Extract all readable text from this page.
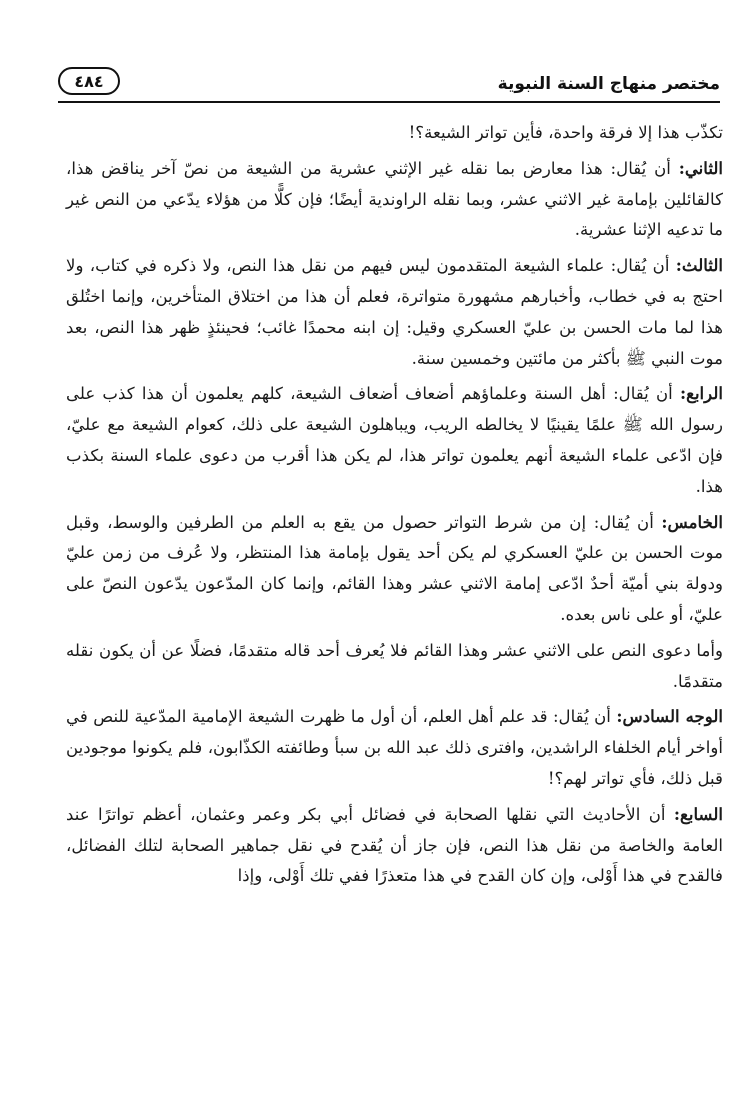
مختصر منهاج السنة النبوية
٤٨٤

تكذّب هذا إلا فرقة واحدة، فأين تواتر الشيعة؟!

الثاني: أن يُقال: هذا معارض بما نقله غير الإثني عشرية من الشيعة من نصّ آخر يناقض هذا، كالقائلين بإمامة غير الاثني عشر، وبما نقله الراوندية أيضًا؛ فإن كلًّا من هؤلاء يدّعي من النص غير ما تدعيه الإثنا عشرية.

الثالث: أن يُقال: علماء الشيعة المتقدمون ليس فيهم من نقل هذا النص، ولا ذكره في كتاب، ولا احتج به في خطاب، وأخبارهم مشهورة متواترة، فعلم أن هذا من اختلاق المتأخرين، وإنما اختُلق هذا لما مات الحسن بن عليّ العسكري وقيل: إن ابنه محمدًا غائب؛ فحينئذٍ ظهر هذا النص، بعد موت النبي ﷺ بأكثر من مائتين وخمسين سنة.

الرابع: أن يُقال: أهل السنة وعلماؤهم أضعاف أضعاف الشيعة، كلهم يعلمون أن هذا كذب على رسول الله ﷺ علمًا يقينيًا لا يخالطه الريب، ويباهلون الشيعة على ذلك، كعوام الشيعة مع عليّ، فإن ادّعى علماء الشيعة أنهم يعلمون تواتر هذا، لم يكن هذا أقرب من دعوى علماء السنة بكذب هذا.

الخامس: أن يُقال: إن من شرط التواتر حصول من يقع به العلم من الطرفين والوسط، وقبل موت الحسن بن عليّ العسكري لم يكن أحد يقول بإمامة هذا المنتظر، ولا عُرف من زمن عليّ ودولة بني أميّة أحدٌ ادّعى إمامة الاثني عشر وهذا القائم، وإنما كان المدّعون يدّعون النصّ على عليّ، أو على ناس بعده.

وأما دعوى النص على الاثني عشر وهذا القائم فلا يُعرف أحد قاله متقدمًا، فضلًا عن أن يكون نقله متقدمًا.

الوجه السادس: أن يُقال: قد علم أهل العلم، أن أول ما ظهرت الشيعة الإمامية المدّعية للنص في أواخر أيام الخلفاء الراشدين، وافترى ذلك عبد الله بن سبأ وطائفته الكذّابون، فلم يكونوا موجودين قبل ذلك، فأي تواتر لهم؟!

السابع: أن الأحاديث التي نقلها الصحابة في فضائل أبي بكر وعمر وعثمان، أعظم تواترًا عند العامة والخاصة من نقل هذا النص، فإن جاز أن يُقدح في نقل جماهير الصحابة لتلك الفضائل، فالقدح في هذا أَوْلى، وإن كان القدح في هذا متعذرًا ففي تلك أَوْلى، وإذا
